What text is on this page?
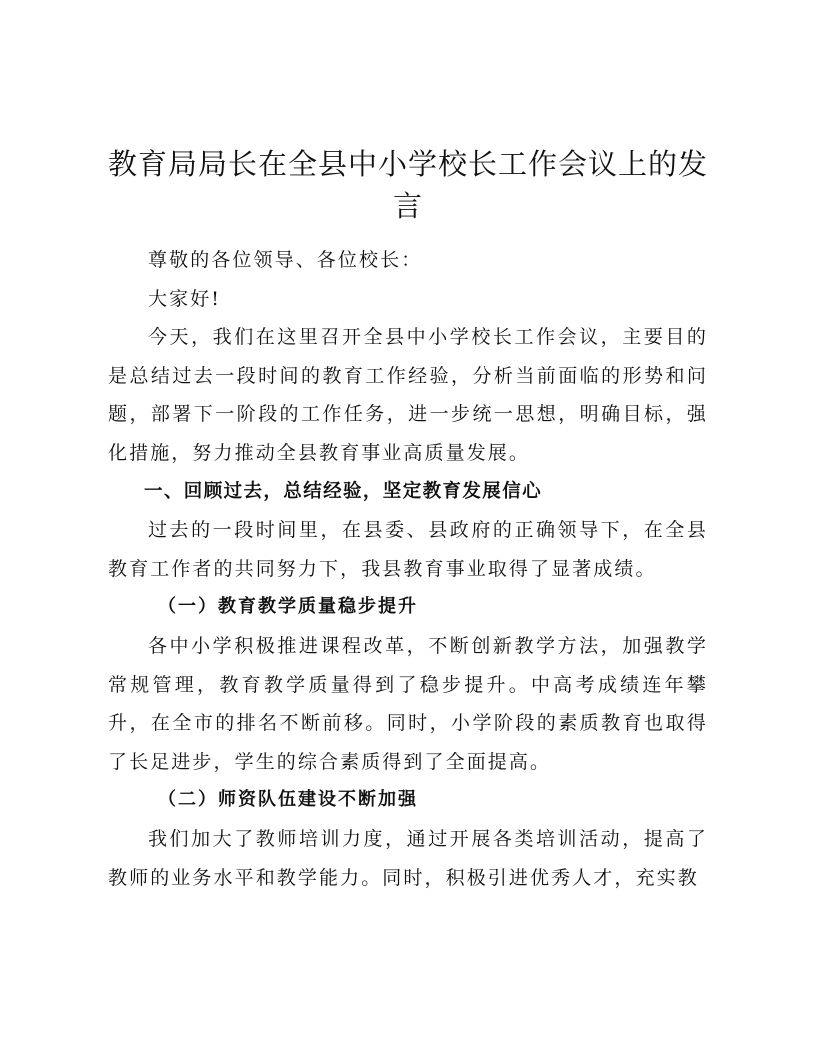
教育局局长在全县中小学校长工作会议上的发言

尊敬的各位领导、各位校长：

大家好!

今天，我们在这里召开全县中小学校长工作会议，主要目的是总结过去一段时间的教育工作经验，分析当前面临的形势和问题，部署下一阶段的工作任务，进一步统一思想，明确目标，强化措施，努力推动全县教育事业高质量发展。

一、回顾过去，总结经验，坚定教育发展信心

过去的一段时间里，在县委、县政府的正确领导下，在全县教育工作者的共同努力下，我县教育事业取得了显著成绩。

（一）教育教学质量稳步提升

各中小学积极推进课程改革，不断创新教学方法，加强教学常规管理，教育教学质量得到了稳步提升。中高考成绩连年攀升，在全市的排名不断前移。同时，小学阶段的素质教育也取得了长足进步，学生的综合素质得到了全面提高。

（二）师资队伍建设不断加强

我们加大了教师培训力度，通过开展各类培训活动，提高了教师的业务水平和教学能力。同时，积极引进优秀人才，充实教
